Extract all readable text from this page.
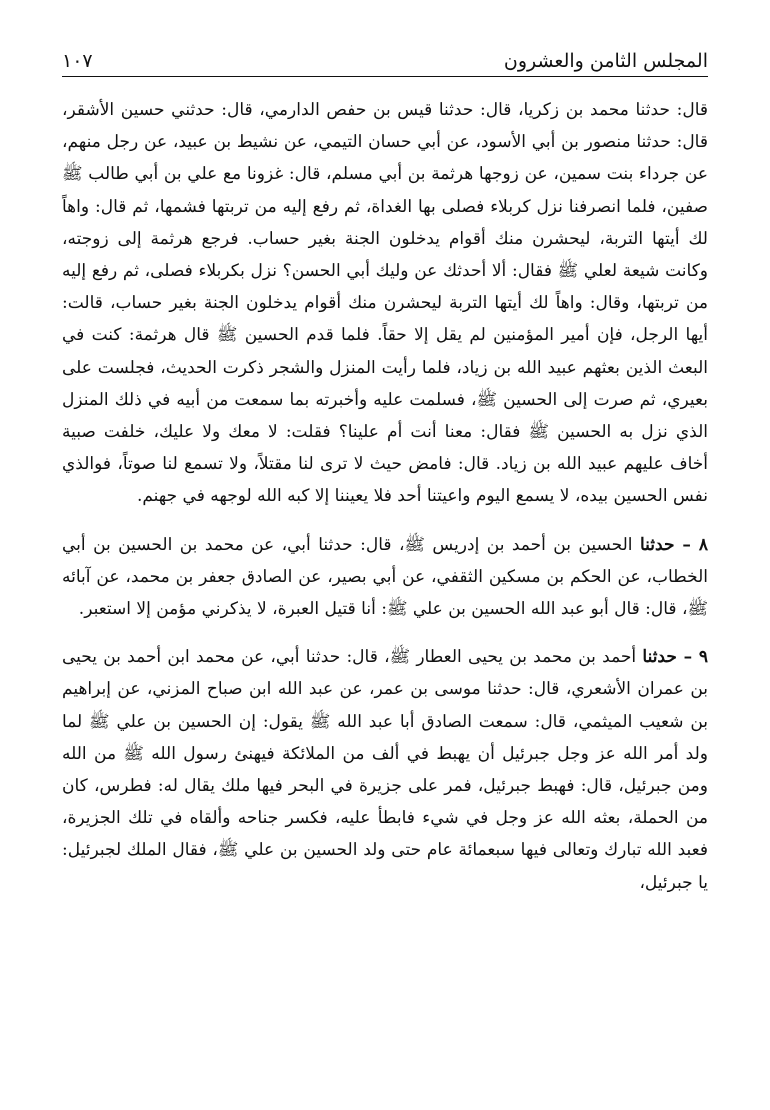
١٠٧	المجلس الثامن والعشرون

قال: حدثنا محمد بن زكريا، قال: حدثنا قيس بن حفص الدارمي، قال: حدثني حسين الأشقر، قال: حدثنا منصور بن أبي الأسود، عن أبي حسان التيمي، عن نشيط بن عبيد، عن رجل منهم، عن جرداء بنت سمين، عن زوجها هرثمة بن أبي مسلم، قال: غزونا مع علي بن أبي طالب ﷺ صفين، فلما انصرفنا نزل كربلاء فصلى بها الغداة، ثم رفع إليه من تربتها فشمها، ثم قال: واهاً لك أيتها التربة، ليحشرن منك أقوام يدخلون الجنة بغير حساب. فرجع هرثمة إلى زوجته، وكانت شيعة لعلي ﷺ فقال: ألا أحدثك عن وليك أبي الحسن؟ نزل بكربلاء فصلى، ثم رفع إليه من تربتها، وقال: واهاً لك أيتها التربة ليحشرن منك أقوام يدخلون الجنة بغير حساب، قالت: أيها الرجل، فإن أمير المؤمنين لم يقل إلا حقاً. فلما قدم الحسين ﷺ قال هرثمة: كنت في البعث الذين بعثهم عبيد الله بن زياد، فلما رأيت المنزل والشجر ذكرت الحديث، فجلست على بعيري، ثم صرت إلى الحسين ﷺ، فسلمت عليه وأخبرته بما سمعت من أبيه في ذلك المنزل الذي نزل به الحسين ﷺ فقال: معنا أنت أم علينا؟ فقلت: لا معك ولا عليك، خلفت صبية أخاف عليهم عبيد الله بن زياد. قال: فامض حيث لا ترى لنا مقتلاً، ولا تسمع لنا صوتاً، فوالذي نفس الحسين بيده، لا يسمع اليوم واعيتنا أحد فلا يعيننا إلا كبه الله لوجهه في جهنم.

٨ – حدثنا الحسين بن أحمد بن إدريس ﷺ، قال: حدثنا أبي، عن محمد بن الحسين بن أبي الخطاب، عن الحكم بن مسكين الثقفي، عن أبي بصير، عن الصادق جعفر بن محمد، عن آبائه ﷺ، قال: قال أبو عبد الله الحسين بن علي ﷺ: أنا قتيل العبرة، لا يذكرني مؤمن إلا استعبر.

٩ – حدثنا أحمد بن محمد بن يحيى العطار ﷺ، قال: حدثنا أبي، عن محمد ابن أحمد بن يحيى بن عمران الأشعري، قال: حدثنا موسى بن عمر، عن عبد الله ابن صباح المزني، عن إبراهيم بن شعيب الميثمي، قال: سمعت الصادق أبا عبد الله ﷺ يقول: إن الحسين بن علي ﷺ لما ولد أمر الله عز وجل جبرئيل أن يهبط في ألف من الملائكة فيهنئ رسول الله ﷺ من الله ومن جبرئيل، قال: فهبط جبرئيل، فمر على جزيرة في البحر فيها ملك يقال له: فطرس، كان من الحملة، بعثه الله عز وجل في شيء فابطأ عليه، فكسر جناحه وألقاه في تلك الجزيرة، فعبد الله تبارك وتعالى فيها سبعمائة عام حتى ولد الحسين بن علي ﷺ، فقال الملك لجبرئيل: يا جبرئيل،
